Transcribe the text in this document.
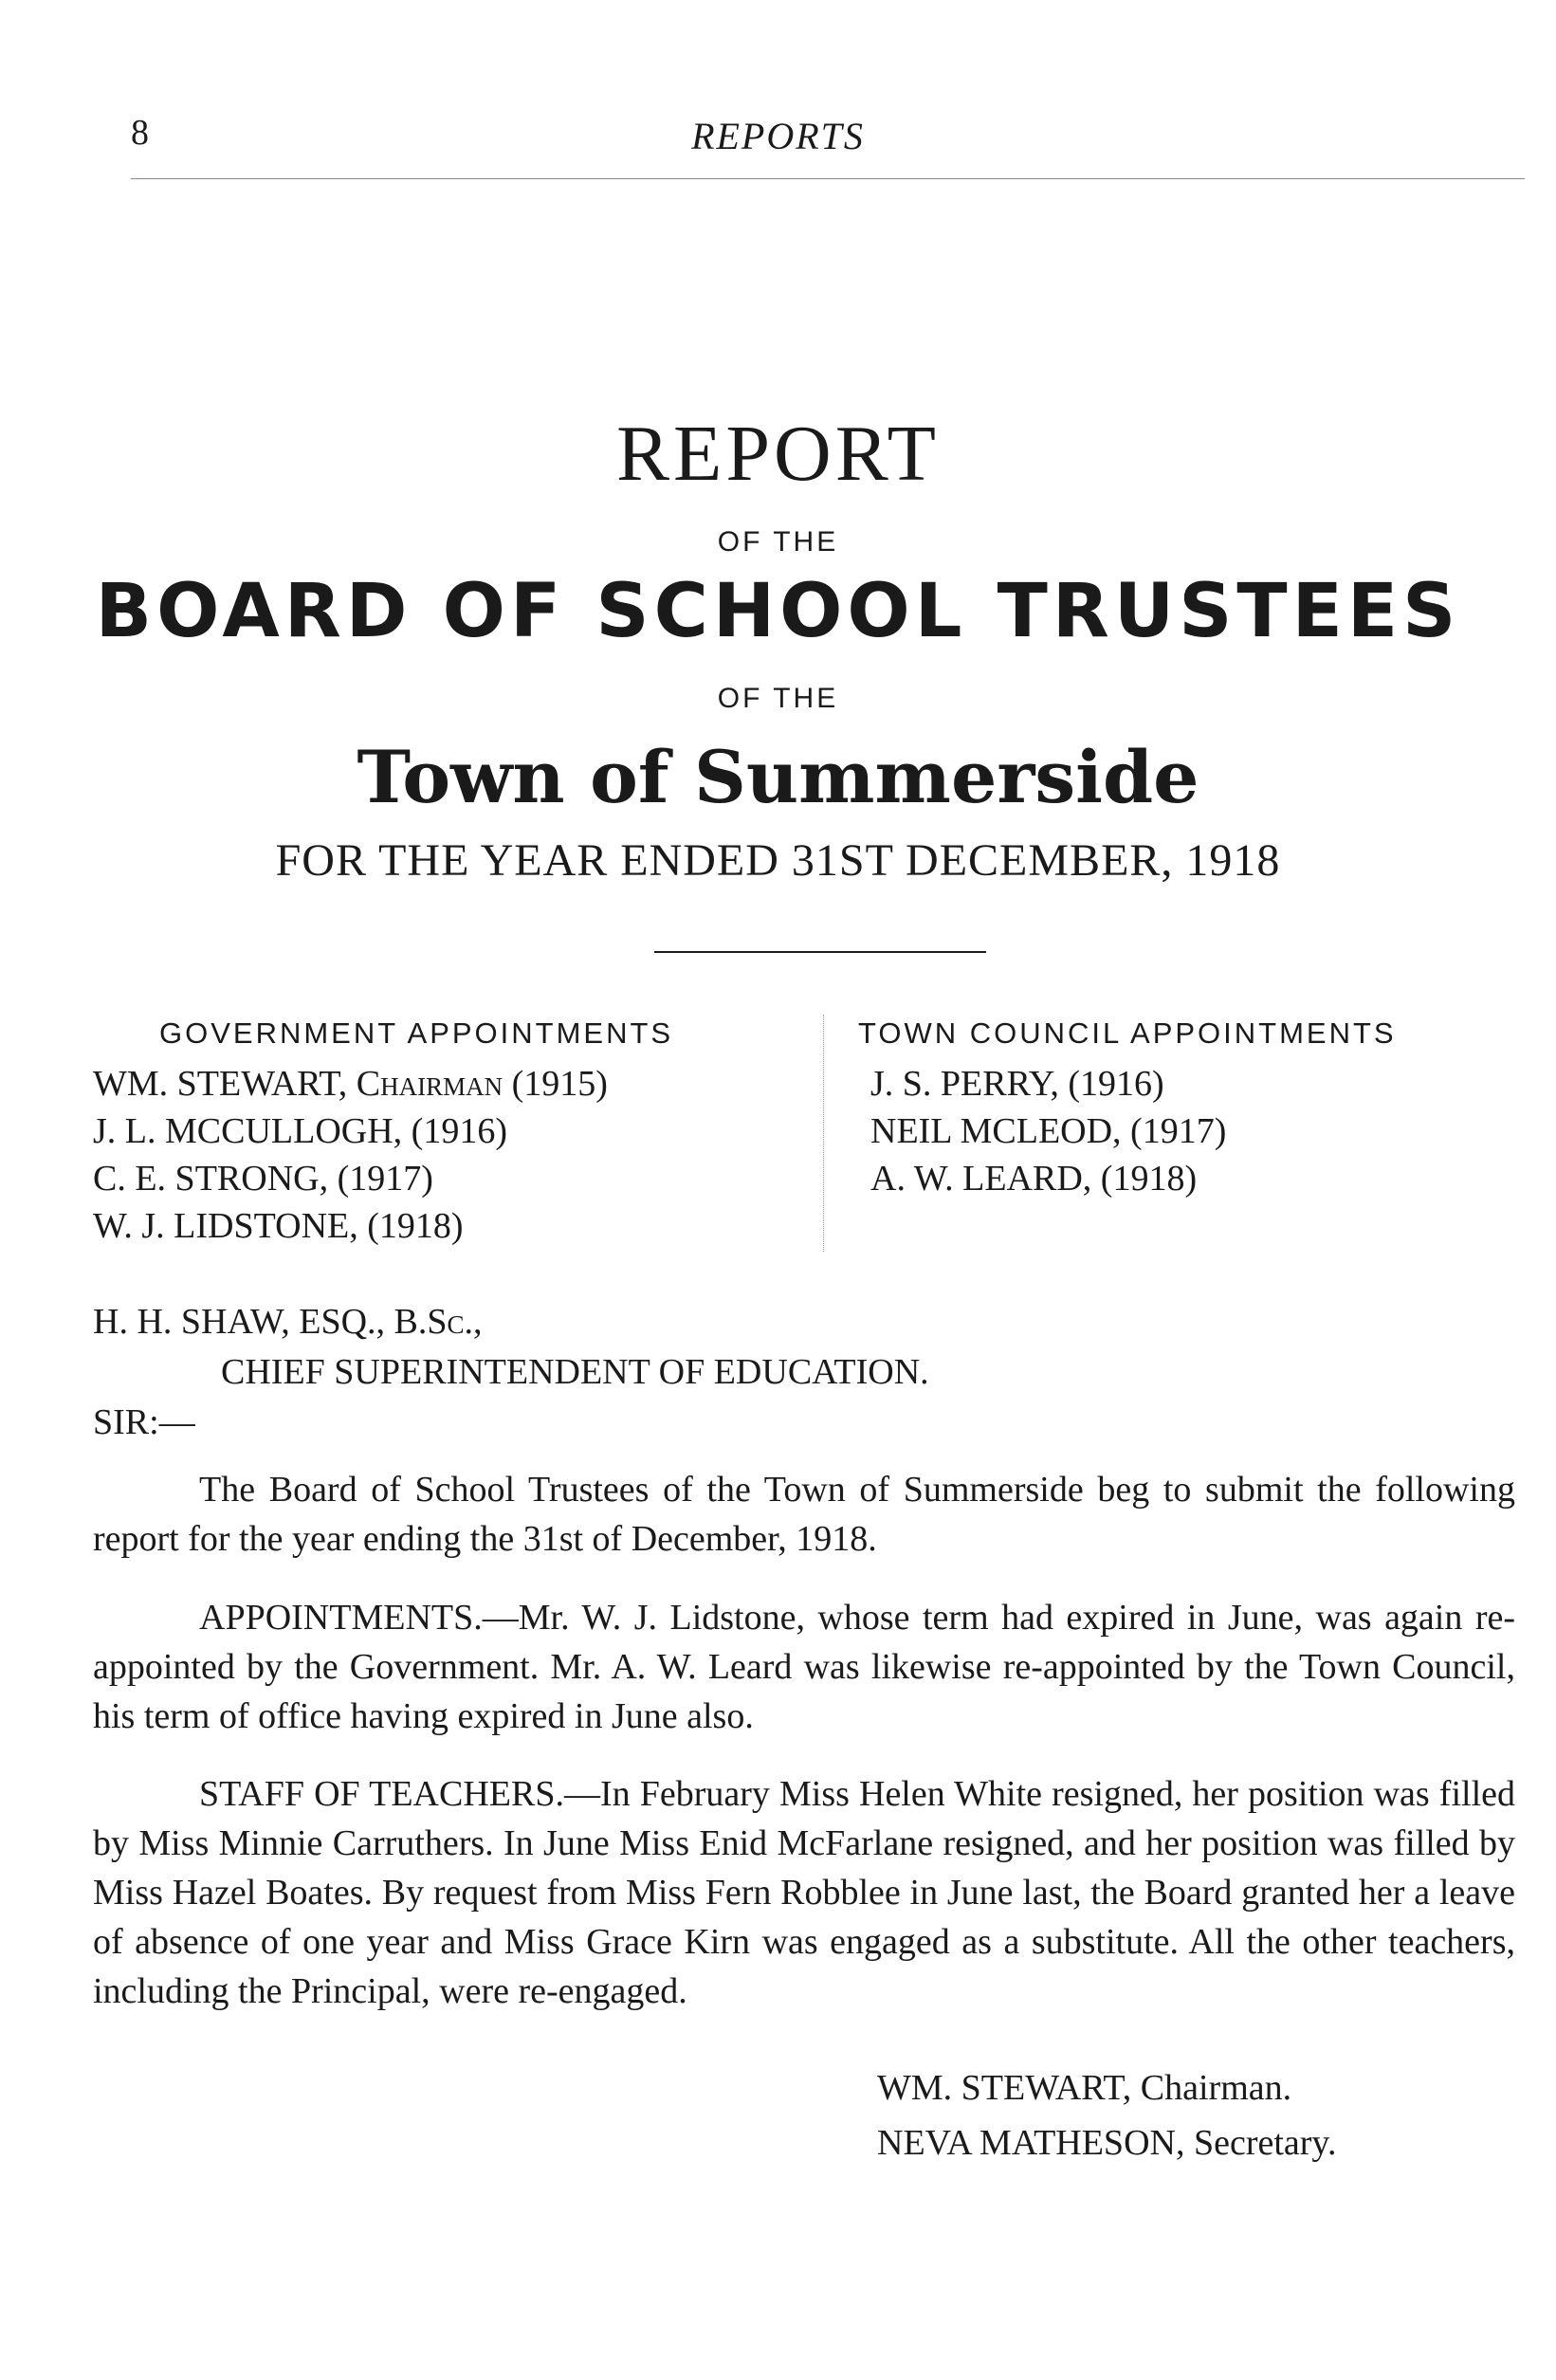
8	REPORTS
REPORT
OF THE
BOARD OF SCHOOL TRUSTEES
OF THE
Town of Summerside
FOR THE YEAR ENDED 31ST DECEMBER, 1918
GOVERNMENT APPOINTMENTS	TOWN COUNCIL APPOINTMENTS
WM. STEWART, Chairman (1915)
J. L. MCCULLOGH, (1916)
C. E. STRONG, (1917)
W. J. LIDSTONE, (1918)
J. S. PERRY, (1916)
NEIL MCLEOD, (1917)
A. W. LEARD, (1918)
H. H. SHAW, ESQ., B.Sc.,
CHIEF SUPERINTENDENT OF EDUCATION.
SIR:—
The Board of School Trustees of the Town of Summerside beg to submit the following report for the year ending the 31st of December, 1918.
APPOINTMENTS.—Mr. W. J. Lidstone, whose term had expired in June, was again re-appointed by the Government. Mr. A. W. Leard was likewise re-appointed by the Town Council, his term of office having expired in June also.
STAFF OF TEACHERS.—In February Miss Helen White resigned, her position was filled by Miss Minnie Carruthers. In June Miss Enid McFarlane resigned, and her position was filled by Miss Hazel Boates. By request from Miss Fern Robblee in June last, the Board granted her a leave of absence of one year and Miss Grace Kirn was engaged as a substitute. All the other teachers, including the Principal, were re-engaged.
WM. STEWART, Chairman.
NEVA MATHESON, Secretary.
